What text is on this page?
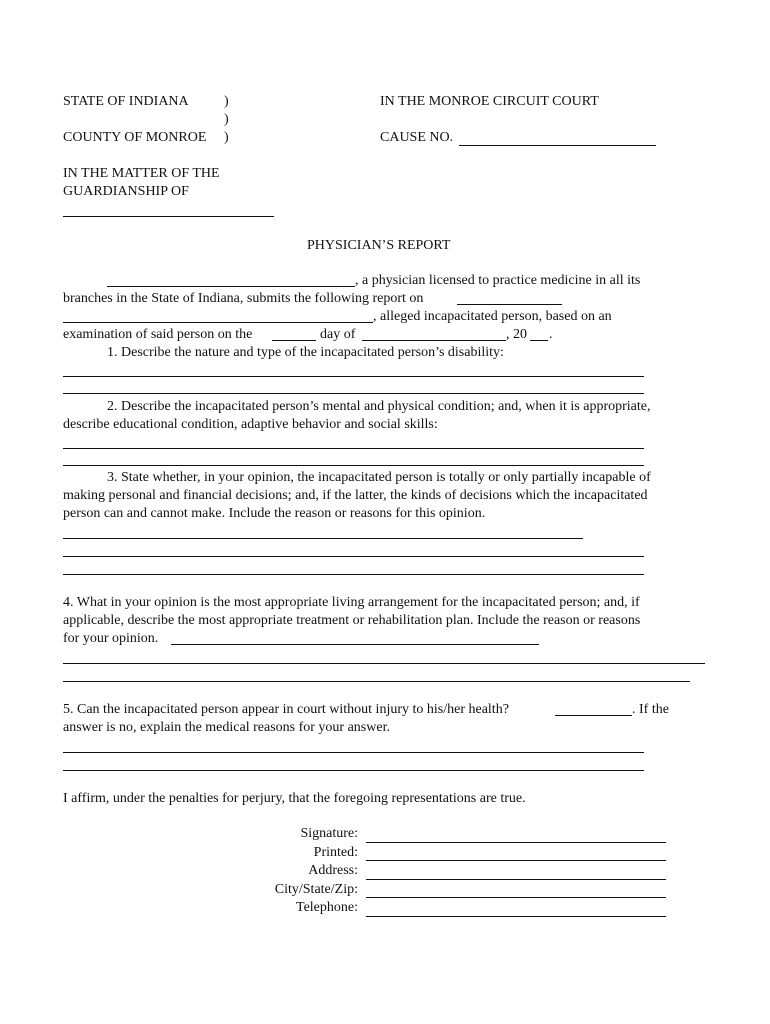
STATE OF INDIANA	)
)
COUNTY OF MONROE )
IN THE MONROE CIRCUIT COURT
CAUSE NO.
IN THE MATTER OF THE
GUARDIANSHIP OF
PHYSICIAN’S REPORT
, a physician licensed to practice medicine in all its
branches in the State of Indiana, submits the following report on
, alleged incapacitated person, based on an
examination of said person on the	day of	, 20 .
1. Describe the nature and type of the incapacitated person’s disability:
2. Describe the incapacitated person’s mental and physical condition; and, when it is appropriate,
describe educational condition, adaptive behavior and social skills:
3. State whether, in your opinion, the incapacitated person is totally or only partially incapable of
making personal and financial decisions; and, if the latter, the kinds of decisions which the incapacitated
person can and cannot make. Include the reason or reasons for this opinion.
4. What in your opinion is the most appropriate living arrangement for the incapacitated person; and, if
applicable, describe the most appropriate treatment or rehabilitation plan. Include the reason or reasons
for your opinion.
5. Can the incapacitated person appear in court without injury to his/her health?	. If the
answer is no, explain the medical reasons for your answer.
I affirm, under the penalties for perjury, that the foregoing representations are true.
Signature:
Printed:
Address:
City/State/Zip:
Telephone:
